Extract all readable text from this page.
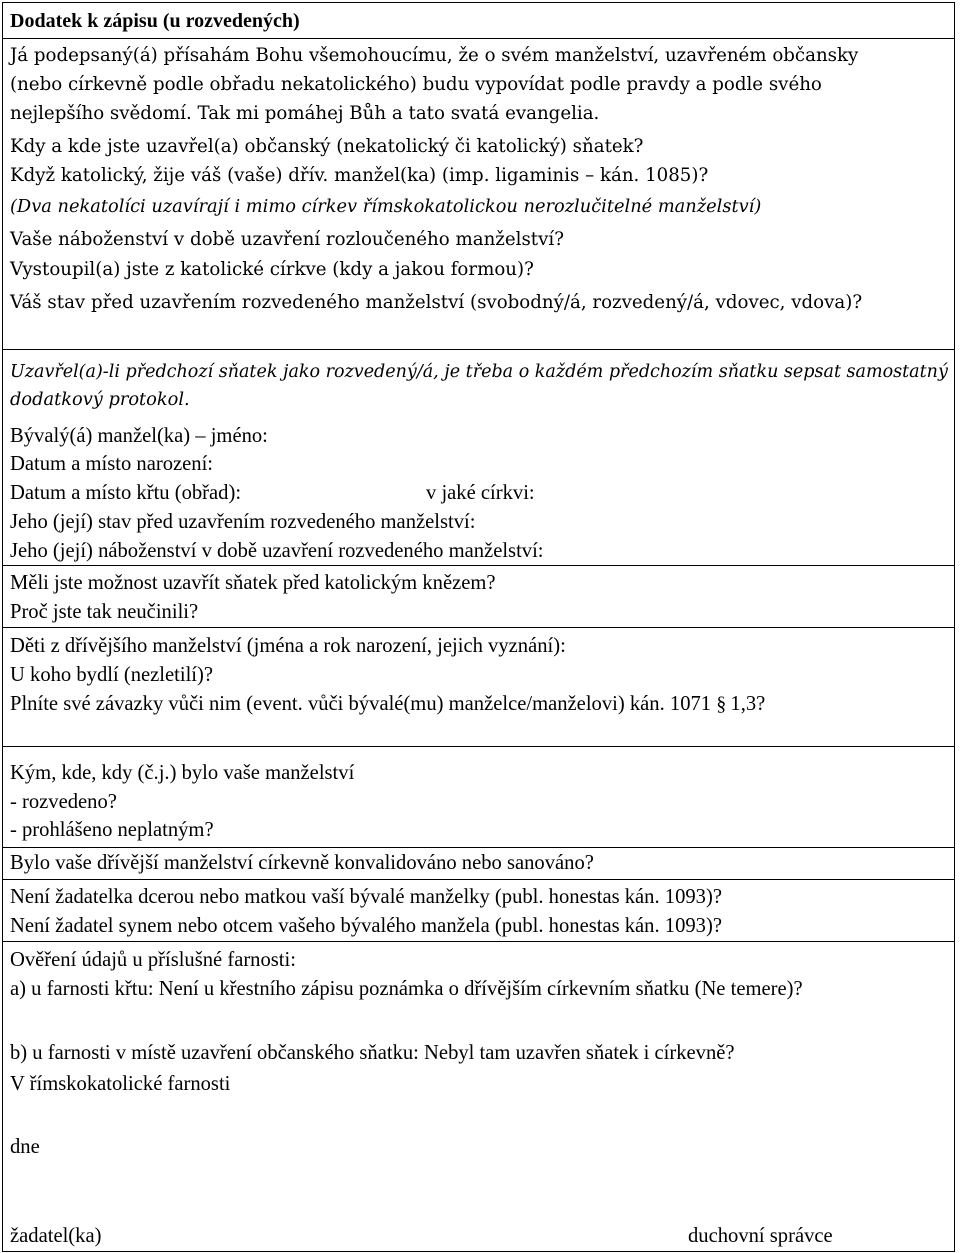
Dodatek k zápisu (u rozvedených)
Já podepsaný(á) přísahám Bohu všemohoucímu, že o svém manželství, uzavřeném občansky
(nebo církevně podle obřadu nekatolického) budu vypovídat podle pravdy a podle svého
nejlepšího svědomí. Tak mi pomáhej Bůh a tato svatá evangelia.
Kdy a kde jste uzavřel(a) občanský (nekatolický či katolický) sňatek?
Když katolický, žije váš (vaše) dřív. manžel(ka) (imp. ligaminis – kán. 1085)?
(Dva nekatolíci uzavírají i mimo církev římskokatolickou nerozlučitelné manželství)
Vaše náboženství v době uzavření rozloučeného manželství?
Vystoupil(a) jste z katolické církve (kdy a jakou formou)?
Váš stav před uzavřením rozvedeného manželství (svobodný/á, rozvedený/á, vdovec, vdova)?
Uzavřel(a)-li předchozí sňatek jako rozvedený/á, je třeba o každém předchozím sňatku sepsat samostatný
dodatkový protokol.
Bývalý(á) manžel(ka) – jméno:
Datum a místo narození:
Datum a místo křtu (obřad):	v jaké církvi:
Jeho (její) stav před uzavřením rozvedeného manželství:
Jeho (její) náboženství v době uzavření rozvedeného manželství:
Měli jste možnost uzavřít sňatek před katolickým knězem?
Proč jste tak neučinili?
Děti z dřívějšího manželství (jména a rok narození, jejich vyznání):
U koho bydlí (nezletilí)?
Plníte své závazky vůči nim (event. vůči bývalé(mu) manželce/manželovi) kán. 1071 § 1,3?
Kým, kde, kdy (č.j.) bylo vaše manželství
- rozvedeno?
- prohlášeno neplatným?
Bylo vaše dřívější manželství církevně konvalidováno nebo sanováno?
Není žadatelka dcerou nebo matkou vaší bývalé manželky (publ. honestas kán. 1093)?
Není žadatel synem nebo otcem vašeho bývalého manžela (publ. honestas kán. 1093)?
Ověření údajů u příslušné farnosti:
a) u farnosti křtu: Není u křestního zápisu poznámka o dřívějším církevním sňatku (Ne temere)?
b) u farnosti v místě uzavření občanského sňatku: Nebyl tam uzavřen sňatek i církevně?
V římskokatolické farnosti
dne
žadatel(ka)	duchovní správce
